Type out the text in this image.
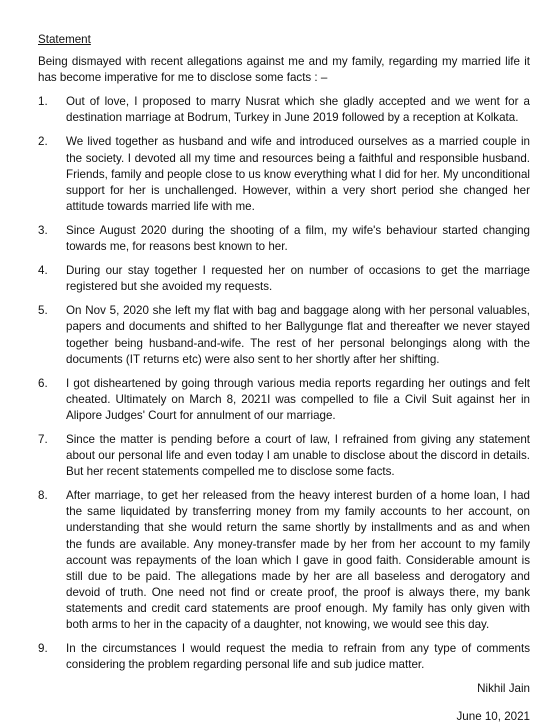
Statement
Being dismayed with recent allegations against me and my family, regarding my married life it has become imperative for me to disclose some facts : –
1.	Out of love, I proposed to marry Nusrat which she gladly accepted and we went for a destination marriage at Bodrum, Turkey in June 2019 followed by a reception at Kolkata.
2.	We lived together as husband and wife and introduced ourselves as a married couple in the society. I devoted all my time and resources being a faithful and responsible husband. Friends, family and people close to us know everything what I did for her. My unconditional support for her is unchallenged. However, within a very short period she changed her attitude towards married life with me.
3.	Since August 2020 during the shooting of a film, my wife's behaviour started changing towards me, for reasons best known to her.
4.	During our stay together I requested her on number of occasions to get the marriage registered but she avoided my requests.
5.	On Nov 5, 2020 she left my flat with bag and baggage along with her personal valuables, papers and documents and shifted to her Ballygunge flat and thereafter we never stayed together being husband-and-wife. The rest of her personal belongings along with the documents (IT returns etc) were also sent to her shortly after her shifting.
6.	I got disheartened by going through various media reports regarding her outings and felt cheated. Ultimately on March 8, 2021I was compelled to file a Civil Suit against her in Alipore Judges' Court for annulment of our marriage.
7.	Since the matter is pending before a court of law, I refrained from giving any statement about our personal life and even today I am unable to disclose about the discord in details. But her recent statements compelled me to disclose some facts.
8.	After marriage, to get her released from the heavy interest burden of a home loan, I had the same liquidated by transferring money from my family accounts to her account, on understanding that she would return the same shortly by installments and as and when the funds are available. Any money-transfer made by her from her account to my family account was repayments of the loan which I gave in good faith. Considerable amount is still due to be paid. The allegations made by her are all baseless and derogatory and devoid of truth. One need not find or create proof, the proof is always there, my bank statements and credit card statements are proof enough. My family has only given with both arms to her in the capacity of a daughter, not knowing, we would see this day.
9.	In the circumstances I would request the media to refrain from any type of comments considering the problem regarding personal life and sub judice matter.
Nikhil Jain
June 10, 2021
